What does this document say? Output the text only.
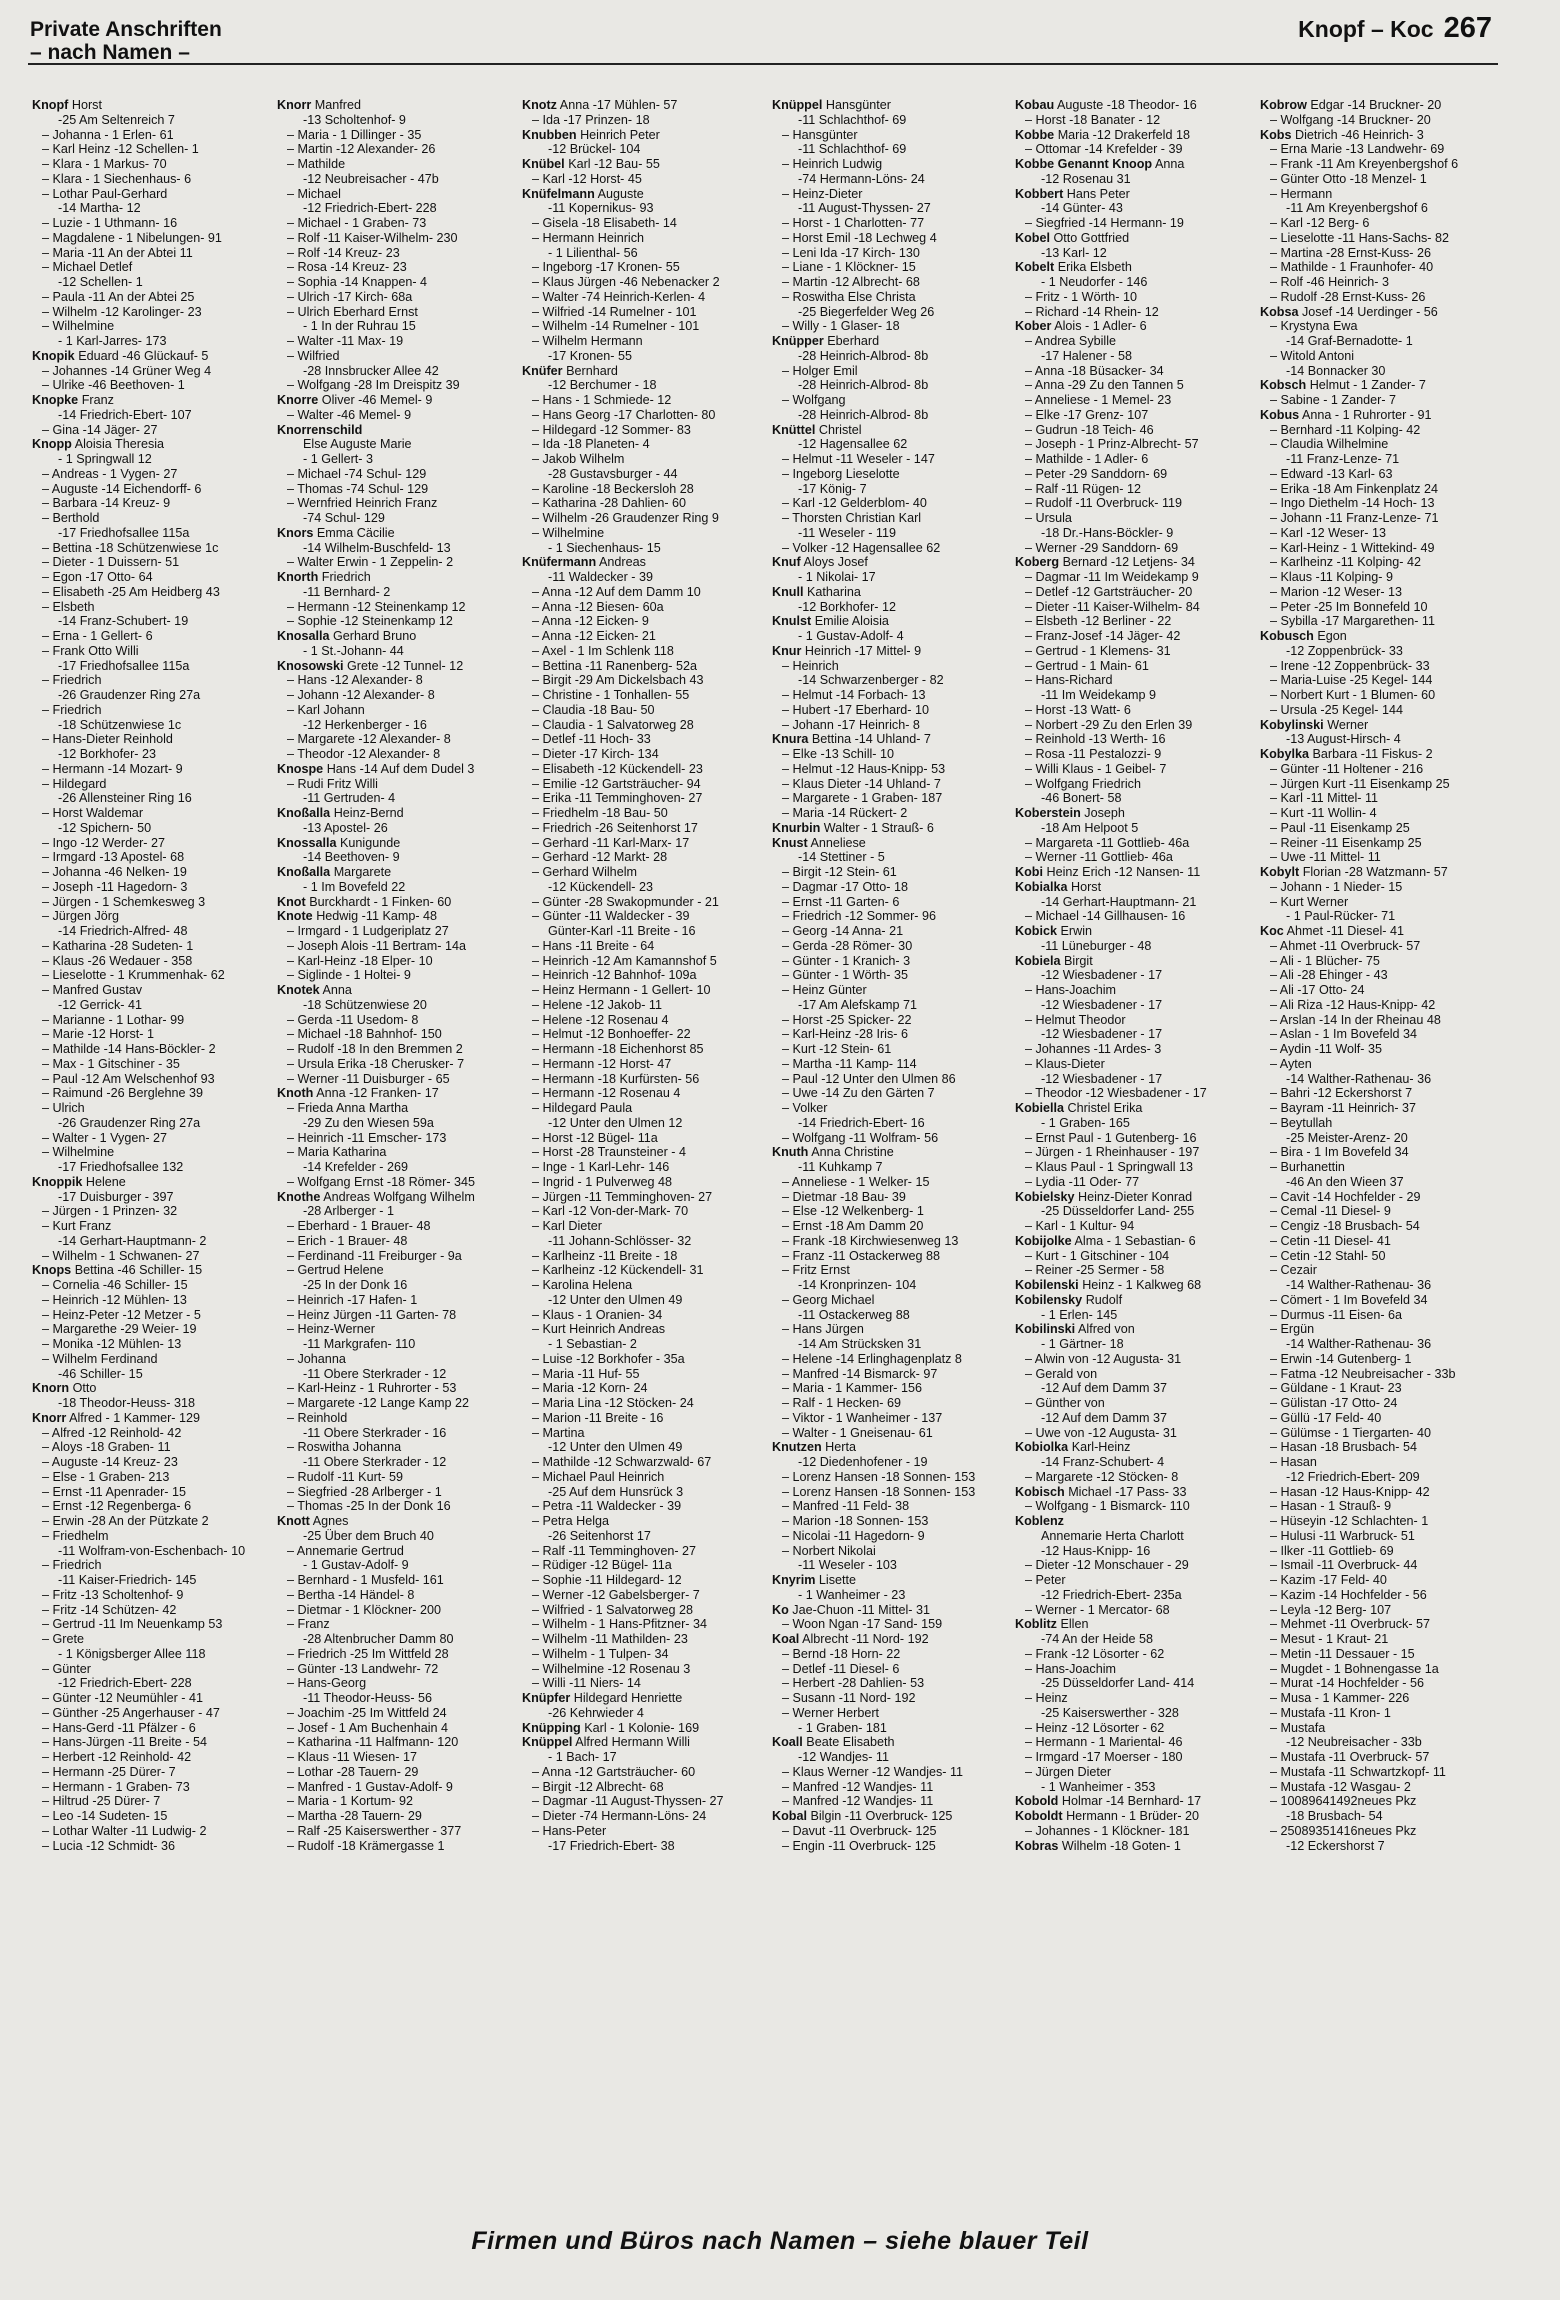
Private Anschriften
– nach Namen –
Knopf – Koc 267
Knopf Horst
-25 Am Seltenreich 7
– Johanna - 1 Erlen- 61
– Karl Heinz -12 Schellen- 1
– Klara - 1 Markus- 70
– Klara - 1 Siechenhaus- 6
– Lothar Paul-Gerhard
-14 Martha- 12
– Luzie - 1 Uthmann- 16
– Magdalene - 1 Nibelungen- 91
– Maria -11 An der Abtei 11
– Michael Detlef
-12 Schellen- 1
– Paula -11 An der Abtei 25
– Wilhelm -12 Karolinger- 23
– Wilhelmine
- 1 Karl-Jarres- 173
Knopik Eduard -46 Glückauf- 5
– Johannes -14 Grüner Weg 4
– Ulrike -46 Beethoven- 1
Knopke Franz
-14 Friedrich-Ebert- 107
– Gina -14 Jäger- 27
Knopp Aloisia Theresia
- 1 Springwall 12
– Andreas - 1 Vygen- 27
– Auguste -14 Eichendorff- 6
– Barbara -14 Kreuz- 9
– Berthold
-17 Friedhofsallee 115a
– Bettina -18 Schützenwiese 1c
– Dieter - 1 Duissern- 51
– Egon -17 Otto- 64
– Elisabeth -25 Am Heidberg 43
– Elsbeth
-14 Franz-Schubert- 19
– Erna - 1 Gellert- 6
– Frank Otto Willi
-17 Friedhofsallee 115a
– Friedrich
-26 Graudenzer Ring 27a
– Friedrich
-18 Schützenwiese 1c
– Hans-Dieter Reinhold
-12 Borkhofer- 23
– Hermann -14 Mozart- 9
– Hildegard
-26 Allensteiner Ring 16
– Horst Waldemar
-12 Spichern- 50
– Ingo -12 Werder- 27
– Irmgard -13 Apostel- 68
– Johanna -46 Nelken- 19
– Joseph -11 Hagedorn- 3
– Jürgen - 1 Schemkesweg 3
– Jürgen Jörg
-14 Friedrich-Alfred- 48
– Katharina -28 Sudeten- 1
– Klaus -26 Wedauer - 358
– Lieselotte - 1 Krummenhak- 62
– Manfred Gustav
-12 Gerrick- 41
– Marianne - 1 Lothar- 99
– Marie -12 Horst- 1
– Mathilde -14 Hans-Böckler- 2
– Max - 1 Gitschiner - 35
– Paul -12 Am Welschenhof 93
– Raimund -26 Berglehne 39
– Ulrich
-26 Graudenzer Ring 27a
– Walter - 1 Vygen- 27
– Wilhelmine
-17 Friedhofsallee 132
Knoppik Helene
-17 Duisburger - 397
– Jürgen - 1 Prinzen- 32
– Kurt Franz
-14 Gerhart-Hauptmann- 2
– Wilhelm - 1 Schwanen- 27
Knops Bettina -46 Schiller- 15
– Cornelia -46 Schiller- 15
– Heinrich -12 Mühlen- 13
– Heinz-Peter -12 Metzer - 5
– Margarethe -29 Weier- 19
– Monika -12 Mühlen- 13
– Wilhelm Ferdinand
-46 Schiller- 15
Knorn Otto
-18 Theodor-Heuss- 318
Knorr Alfred - 1 Kammer- 129
– Alfred -12 Reinhold- 42
– Aloys -18 Graben- 11
– Auguste -14 Kreuz- 23
– Else - 1 Graben- 213
– Ernst -11 Apenrader- 15
– Ernst -12 Regenberga- 6
– Erwin -28 An der Pützkate 2
– Friedhelm
-11 Wolfram-von-Eschenbach- 10
– Friedrich
-11 Kaiser-Friedrich- 145
– Fritz -13 Scholtenhof- 9
– Fritz -14 Schützen- 42
– Gertrud -11 Im Neuenkamp 53
– Grete
- 1 Königsberger Allee 118
– Günter
-12 Friedrich-Ebert- 228
– Günter -12 Neumühler - 41
– Günther -25 Angerhauser - 47
– Hans-Gerd -11 Pfälzer - 6
– Hans-Jürgen -11 Breite - 54
– Herbert -12 Reinhold- 42
– Hermann -25 Dürer- 7
– Hermann - 1 Graben- 73
– Hiltrud -25 Dürer- 7
– Leo -14 Sudeten- 15
– Lothar Walter -11 Ludwig- 2
– Lucia -12 Schmidt- 36
Knorr Manfred
-13 Scholtenhof- 9
– Maria - 1 Dillinger - 35
– Martin -12 Alexander- 26
– Mathilde
-12 Neubreisacher - 47b
– Michael
-12 Friedrich-Ebert- 228
– Michael - 1 Graben- 73
– Rolf -11 Kaiser-Wilhelm- 230
– Rolf -14 Kreuz- 23
– Rosa -14 Kreuz- 23
– Sophia -14 Knappen- 4
– Ulrich -17 Kirch- 68a
– Ulrich Eberhard Ernst
- 1 In der Ruhrau 15
– Walter -11 Max- 19
– Wilfried
-28 Innsbrucker Allee 42
– Wolfgang -28 Im Dreispitz 39
Knorre Oliver -46 Memel- 9
– Walter -46 Memel- 9
Knorrenschild
Else Auguste Marie
- 1 Gellert- 3
– Michael -74 Schul- 129
– Thomas -74 Schul- 129
– Wernfried Heinrich Franz
-74 Schul- 129
Knors Emma Cäcilie
-14 Wilhelm-Buschfeld- 13
– Walter Erwin - 1 Zeppelin- 2
Knorth Friedrich
-11 Bernhard- 2
– Hermann -12 Steinenkamp 12
– Sophie -12 Steinenkamp 12
Knosalla Gerhard Bruno
- 1 St.-Johann- 44
Knosowski Grete -12 Tunnel- 12
– Hans -12 Alexander- 8
– Johann -12 Alexander- 8
– Karl Johann
-12 Herkenberger - 16
– Margarete -12 Alexander- 8
– Theodor -12 Alexander- 8
Knospe Hans -14 Auf dem Dudel 3
– Rudi Fritz Willi
-11 Gertruden- 4
Knoßalla Heinz-Bernd
-13 Apostel- 26
Knossalla Kunigunde
-14 Beethoven- 9
Knoßalla Margarete
- 1 Im Bovefeld 22
Knot Burckhardt - 1 Finken- 60
Knote Hedwig -11 Kamp- 48
– Irmgard - 1 Ludgeriplatz 27
– Joseph Alois -11 Bertram- 14a
– Karl-Heinz -18 Elper- 10
– Siglinde - 1 Holtei- 9
Knotek Anna
-18 Schützenwiese 20
– Gerda -11 Usedom- 8
– Michael -18 Bahnhof- 150
– Rudolf -18 In den Bremmen 2
– Ursula Erika -18 Cherusker- 7
– Werner -11 Duisburger - 65
Knoth Anna -12 Franken- 17
– Frieda Anna Martha
-29 Zu den Wiesen 59a
– Heinrich -11 Emscher- 173
– Maria Katharina
-14 Krefelder - 269
– Wolfgang Ernst -18 Römer- 345
Knothe Andreas Wolfgang Wilhelm
-28 Arlberger - 1
– Eberhard - 1 Brauer- 48
– Erich - 1 Brauer- 48
– Ferdinand -11 Freiburger - 9a
– Gertrud Helene
-25 In der Donk 16
– Heinrich -17 Hafen- 1
– Heinz Jürgen -11 Garten- 78
– Heinz-Werner
-11 Markgrafen- 110
– Johanna
-11 Obere Sterkrader - 12
– Karl-Heinz - 1 Ruhrorter - 53
– Margarete -12 Lange Kamp 22
– Reinhold
-11 Obere Sterkrader - 16
– Roswitha Johanna
-11 Obere Sterkrader - 12
– Rudolf -11 Kurt- 59
– Siegfried -28 Arlberger - 1
– Thomas -25 In der Donk 16
Knott Agnes
-25 Über dem Bruch 40
– Annemarie Gertrud
- 1 Gustav-Adolf- 9
– Bernhard - 1 Musfeld- 161
– Bertha -14 Händel- 8
– Dietmar - 1 Klöckner- 200
– Franz
-28 Altenbrucher Damm 80
– Friedrich -25 Im Wittfeld 28
– Günter -13 Landwehr- 72
– Hans-Georg
-11 Theodor-Heuss- 56
– Joachim -25 Im Wittfeld 24
– Josef - 1 Am Buchenhain 4
– Katharina -11 Halfmann- 120
– Klaus -11 Wiesen- 17
– Lothar -28 Tauern- 29
– Manfred - 1 Gustav-Adolf- 9
– Maria - 1 Kortum- 92
– Martha -28 Tauern- 29
– Ralf -25 Kaiserswerther - 377
– Rudolf -18 Krämergasse 1
Knotz Anna -17 Mühlen- 57
– Ida -17 Prinzen- 18
Knubben Heinrich Peter
-12 Brückel- 104
Knübel Karl -12 Bau- 55
– Karl -12 Horst- 45
Knüfelmann Auguste
-11 Kopernikus- 93
– Gisela -18 Elisabeth- 14
– Hermann Heinrich
- 1 Lilienthal- 56
– Ingeborg -17 Kronen- 55
– Klaus Jürgen -46 Nebenacker 2
– Walter -74 Heinrich-Kerlen- 4
– Wilfried -14 Rumelner - 101
– Wilhelm -14 Rumelner - 101
– Wilhelm Hermann
-17 Kronen- 55
Knüfer Bernhard
-12 Berchumer - 18
– Hans - 1 Schmiede- 12
– Hans Georg -17 Charlotten- 80
– Hildegard -12 Sommer- 83
– Ida -18 Planeten- 4
– Jakob Wilhelm
-28 Gustavsburger - 44
– Karoline -18 Beckersloh 28
– Katharina -28 Dahlien- 60
– Wilhelm -26 Graudenzer Ring 9
– Wilhelmine
- 1 Siechenhaus- 15
Knüfermann Andreas
-11 Waldecker - 39
– Anna -12 Auf dem Damm 10
– Anna -12 Biesen- 60a
– Anna -12 Eicken- 9
– Anna -12 Eicken- 21
– Axel - 1 Im Schlenk 118
– Bettina -11 Ranenberg- 52a
– Birgit -29 Am Dickelsbach 43
– Christine - 1 Tonhallen- 55
– Claudia -18 Bau- 50
– Claudia - 1 Salvatorweg 28
– Detlef -11 Hoch- 33
– Dieter -17 Kirch- 134
– Elisabeth -12 Kückendell- 23
– Emilie -12 Gartsträucher- 94
– Erika -11 Temminghoven- 27
– Friedhelm -18 Bau- 50
– Friedrich -26 Seitenhorst 17
– Gerhard -11 Karl-Marx- 17
– Gerhard -12 Markt- 28
– Gerhard Wilhelm
-12 Kückendell- 23
– Günter -28 Swakopmunder - 21
– Günter -11 Waldecker - 39
Günter-Karl -11 Breite - 16
– Hans -11 Breite - 64
– Heinrich -12 Am Kamannshof 5
– Heinrich -12 Bahnhof- 109a
– Heinz Hermann - 1 Gellert- 10
– Helene -12 Jakob- 11
– Helene -12 Rosenau 4
– Helmut -12 Bonhoeffer- 22
– Hermann -18 Eichenhorst 85
– Hermann -12 Horst- 47
– Hermann -18 Kurfürsten- 56
– Hermann -12 Rosenau 4
– Hildegard Paula
-12 Unter den Ulmen 12
– Horst -12 Bügel- 11a
– Horst -28 Traunsteiner - 4
– Inge - 1 Karl-Lehr- 146
– Ingrid - 1 Pulverweg 48
– Jürgen -11 Temminghoven- 27
– Karl -12 Von-der-Mark- 70
– Karl Dieter
-11 Johann-Schlösser- 32
– Karlheinz -11 Breite - 18
– Karlheinz -12 Kückendell- 31
– Karolina Helena
-12 Unter den Ulmen 49
– Klaus - 1 Oranien- 34
– Kurt Heinrich Andreas
- 1 Sebastian- 2
– Luise -12 Borkhofer - 35a
– Maria -11 Huf- 55
– Maria -12 Korn- 24
– Maria Lina -12 Stöcken- 24
– Marion -11 Breite - 16
– Martina
-12 Unter den Ulmen 49
– Mathilde -12 Schwarzwald- 67
– Michael Paul Heinrich
-25 Auf dem Hunsrück 3
– Petra -11 Waldecker - 39
– Petra Helga
-26 Seitenhorst 17
– Ralf -11 Temminghoven- 27
– Rüdiger -12 Bügel- 11a
– Sophie -11 Hildegard- 12
– Werner -12 Gabelsberger- 7
– Wilfried - 1 Salvatorweg 28
– Wilhelm - 1 Hans-Pfitzner- 34
– Wilhelm -11 Mathilden- 23
– Wilhelm - 1 Tulpen- 34
– Wilhelmine -12 Rosenau 3
– Willi -11 Niers- 14
Knüpfer Hildegard Henriette
-26 Kehrwieder 4
Knüpping Karl - 1 Kolonie- 169
Knüppel Alfred Hermann Willi
- 1 Bach- 17
– Anna -12 Gartsträucher- 60
– Birgit -12 Albrecht- 68
– Dagmar -11 August-Thyssen- 27
– Dieter -74 Hermann-Löns- 24
– Hans-Peter
-17 Friedrich-Ebert- 38
Knüppel Hansgünter
-11 Schlachthof- 69
– Hansgünter
-11 Schlachthof- 69
– Heinrich Ludwig
-74 Hermann-Löns- 24
– Heinz-Dieter
-11 August-Thyssen- 27
– Horst - 1 Charlotten- 77
– Horst Emil -18 Lechweg 4
– Leni Ida -17 Kirch- 130
– Liane - 1 Klöckner- 15
– Martin -12 Albrecht- 68
– Roswitha Else Christa
-25 Biegerfelder Weg 26
– Willy - 1 Glaser- 18
Knüpper Eberhard
-28 Heinrich-Albrod- 8b
– Holger Emil
-28 Heinrich-Albrod- 8b
– Wolfgang
-28 Heinrich-Albrod- 8b
Knüttel Christel
-12 Hagensallee 62
– Helmut -11 Weseler - 147
– Ingeborg Lieselotte
-17 König- 7
– Karl -12 Gelderblom- 40
– Thorsten Christian Karl
-11 Weseler - 119
– Volker -12 Hagensallee 62
Knuf Aloys Josef
- 1 Nikolai- 17
Knull Katharina
-12 Borkhofer- 12
Knulst Emilie Aloisia
- 1 Gustav-Adolf- 4
Knur Heinrich -17 Mittel- 9
– Heinrich
-14 Schwarzenberger - 82
– Helmut -14 Forbach- 13
– Hubert -17 Eberhard- 10
– Johann -17 Heinrich- 8
Knura Bettina -14 Uhland- 7
– Elke -13 Schill- 10
– Helmut -12 Haus-Knipp- 53
– Klaus Dieter -14 Uhland- 7
– Margarete - 1 Graben- 187
– Maria -14 Rückert- 2
Knurbin Walter - 1 Strauß- 6
Knust Anneliese
-14 Stettiner - 5
– Birgit -12 Stein- 61
– Dagmar -17 Otto- 18
– Ernst -11 Garten- 6
– Friedrich -12 Sommer- 96
– Georg -14 Anna- 21
– Gerda -28 Römer- 30
– Günter - 1 Kranich- 3
– Günter - 1 Wörth- 35
– Heinz Günter
-17 Am Alefskamp 71
– Horst -25 Spicker- 22
– Karl-Heinz -28 Iris- 6
– Kurt -12 Stein- 61
– Martha -11 Kamp- 114
– Paul -12 Unter den Ulmen 86
– Uwe -14 Zu den Gärten 7
– Volker
-14 Friedrich-Ebert- 16
– Wolfgang -11 Wolfram- 56
Knuth Anna Christine
-11 Kuhkamp 7
– Anneliese - 1 Welker- 15
– Dietmar -18 Bau- 39
– Else -12 Welkenberg- 1
– Ernst -18 Am Damm 20
– Frank -18 Kirchwiesenweg 13
– Franz -11 Ostackerweg 88
– Fritz Ernst
-14 Kronprinzen- 104
– Georg Michael
-11 Ostackerweg 88
– Hans Jürgen
-14 Am Strücksken 31
– Helene -14 Erlinghagenplatz 8
– Manfred -14 Bismarck- 97
– Maria - 1 Kammer- 156
– Ralf - 1 Hecken- 69
– Viktor - 1 Wanheimer - 137
– Walter - 1 Gneisenau- 61
Knutzen Herta
-12 Diedenhofener - 19
– Lorenz Hansen -18 Sonnen- 153
– Lorenz Hansen -18 Sonnen- 153
– Manfred -11 Feld- 38
– Marion -18 Sonnen- 153
– Nicolai -11 Hagedorn- 9
– Norbert Nikolai
-11 Weseler - 103
Knyrim Lisette
- 1 Wanheimer - 23
Ko Jae-Chuon -11 Mittel- 31
– Woon Ngan -17 Sand- 159
Koal Albrecht -11 Nord- 192
– Bernd -18 Horn- 22
– Detlef -11 Diesel- 6
– Herbert -28 Dahlien- 53
– Susann -11 Nord- 192
– Werner Herbert
- 1 Graben- 181
Koall Beate Elisabeth
-12 Wandjes- 11
– Klaus Werner -12 Wandjes- 11
– Manfred -12 Wandjes- 11
– Manfred -12 Wandjes- 11
Kobal Bilgin -11 Overbruck- 125
– Davut -11 Overbruck- 125
– Engin -11 Overbruck- 125
Kobau Auguste -18 Theodor- 16
– Horst -18 Banater - 12
Kobbe Maria -12 Drakerfeld 18
– Ottomar -14 Krefelder - 39
Kobbe Genannt Knoop Anna
-12 Rosenau 31
Kobbert Hans Peter
-14 Günter- 43
– Siegfried -14 Hermann- 19
Kobel Otto Gottfried
-13 Karl- 12
Kobelt Erika Elsbeth
- 1 Neudorfer - 146
– Fritz - 1 Wörth- 10
– Richard -14 Rhein- 12
Kober Alois - 1 Adler- 6
– Andrea Sybille
-17 Halener - 58
– Anna -18 Büsacker- 34
– Anna -29 Zu den Tannen 5
– Anneliese - 1 Memel- 23
– Elke -17 Grenz- 107
– Gudrun -18 Teich- 46
– Joseph - 1 Prinz-Albrecht- 57
– Mathilde - 1 Adler- 6
– Peter -29 Sanddorn- 69
– Ralf -11 Rügen- 12
– Rudolf -11 Overbruck- 119
– Ursula
-18 Dr.-Hans-Böckler- 9
– Werner -29 Sanddorn- 69
Koberg Bernard -12 Letjens- 34
– Dagmar -11 Im Weidekamp 9
– Detlef -12 Gartsträucher- 20
– Dieter -11 Kaiser-Wilhelm- 84
– Elsbeth -12 Berliner - 22
– Franz-Josef -14 Jäger- 42
– Gertrud - 1 Klemens- 31
– Gertrud - 1 Main- 61
– Hans-Richard
-11 Im Weidekamp 9
– Horst -13 Watt- 6
– Norbert -29 Zu den Erlen 39
– Reinhold -13 Werth- 16
– Rosa -11 Pestalozzi- 9
– Willi Klaus - 1 Geibel- 7
– Wolfgang Friedrich
-46 Bonert- 58
Koberstein Joseph
-18 Am Helpoot 5
– Margareta -11 Gottlieb- 46a
– Werner -11 Gottlieb- 46a
Kobi Heinz Erich -12 Nansen- 11
Kobialka Horst
-14 Gerhart-Hauptmann- 21
– Michael -14 Gillhausen- 16
Kobick Erwin
-11 Lüneburger - 48
Kobiela Birgit
-12 Wiesbadener - 17
– Hans-Joachim
-12 Wiesbadener - 17
– Helmut Theodor
-12 Wiesbadener - 17
– Johannes -11 Ardes- 3
– Klaus-Dieter
-12 Wiesbadener - 17
– Theodor -12 Wiesbadener - 17
Kobiella Christel Erika
- 1 Graben- 165
– Ernst Paul - 1 Gutenberg- 16
– Jürgen - 1 Rheinhauser - 197
– Klaus Paul - 1 Springwall 13
– Lydia -11 Oder- 77
Kobielsky Heinz-Dieter Konrad
-25 Düsseldorfer Land- 255
– Karl - 1 Kultur- 94
Kobijolke Alma - 1 Sebastian- 6
– Kurt - 1 Gitschiner - 104
– Reiner -25 Sermer - 58
Kobilenski Heinz - 1 Kalkweg 68
Kobilensky Rudolf
- 1 Erlen- 145
Kobilinski Alfred von
- 1 Gärtner- 18
– Alwin von -12 Augusta- 31
– Gerald von
-12 Auf dem Damm 37
– Günther von
-12 Auf dem Damm 37
– Uwe von -12 Augusta- 31
Kobiolka Karl-Heinz
-14 Franz-Schubert- 4
– Margarete -12 Stöcken- 8
Kobisch Michael -17 Pass- 33
– Wolfgang - 1 Bismarck- 110
Koblenz
Annemarie Herta Charlott
-12 Haus-Knipp- 16
– Dieter -12 Monschauer - 29
– Peter
-12 Friedrich-Ebert- 235a
– Werner - 1 Mercator- 68
Koblitz Ellen
-74 An der Heide 58
– Frank -12 Lösorter - 62
– Hans-Joachim
-25 Düsseldorfer Land- 414
– Heinz
-25 Kaiserswerther - 328
– Heinz -12 Lösorter - 62
– Hermann - 1 Mariental- 46
– Irmgard -17 Moerser - 180
– Jürgen Dieter
- 1 Wanheimer - 353
Kobold Holmar -14 Bernhard- 17
Koboldt Hermann - 1 Brüder- 20
– Johannes - 1 Klöckner- 181
Kobras Wilhelm -18 Goten- 1
Kobrow Edgar -14 Bruckner- 20
– Wolfgang -14 Bruckner- 20
Kobs Dietrich -46 Heinrich- 3
– Erna Marie -13 Landwehr- 69
– Frank -11 Am Kreyenbergshof 6
– Günter Otto -18 Menzel- 1
– Hermann
-11 Am Kreyenbergshof 6
– Karl -12 Berg- 6
– Lieselotte -11 Hans-Sachs- 82
– Martina -28 Ernst-Kuss- 26
– Mathilde - 1 Fraunhofer- 40
– Rolf -46 Heinrich- 3
– Rudolf -28 Ernst-Kuss- 26
Kobsa Josef -14 Uerdinger - 56
– Krystyna Ewa
-14 Graf-Bernadotte- 1
– Witold Antoni
-14 Bonnacker 30
Kobsch Helmut - 1 Zander- 7
– Sabine - 1 Zander- 7
Kobus Anna - 1 Ruhrorter - 91
– Bernhard -11 Kolping- 42
– Claudia Wilhelmine
-11 Franz-Lenze- 71
– Edward -13 Karl- 63
– Erika -18 Am Finkenplatz 24
– Ingo Diethelm -14 Hoch- 13
– Johann -11 Franz-Lenze- 71
– Karl -12 Weser- 13
– Karl-Heinz - 1 Wittekind- 49
– Karlheinz -11 Kolping- 42
– Klaus -11 Kolping- 9
– Marion -12 Weser- 13
– Peter -25 Im Bonnefeld 10
– Sybilla -17 Margarethen- 11
Kobusch Egon
-12 Zoppenbrück- 33
– Irene -12 Zoppenbrück- 33
– Maria-Luise -25 Kegel- 144
– Norbert Kurt - 1 Blumen- 60
– Ursula -25 Kegel- 144
Kobylinski Werner
-13 August-Hirsch- 4
Kobylka Barbara -11 Fiskus- 2
– Günter -11 Holtener - 216
– Jürgen Kurt -11 Eisenkamp 25
– Karl -11 Mittel- 11
– Kurt -11 Wollin- 4
– Paul -11 Eisenkamp 25
– Reiner -11 Eisenkamp 25
– Uwe -11 Mittel- 11
Kobylt Florian -28 Watzmann- 57
– Johann - 1 Nieder- 15
– Kurt Werner
- 1 Paul-Rücker- 71
Koc Ahmet -11 Diesel- 41
– Ahmet -11 Overbruck- 57
– Ali - 1 Blücher- 75
– Ali -28 Ehinger - 43
– Ali -17 Otto- 24
– Ali Riza -12 Haus-Knipp- 42
– Arslan -14 In der Rheinau 48
– Aslan - 1 Im Bovefeld 34
– Aydin -11 Wolf- 35
– Ayten
-14 Walther-Rathenau- 36
– Bahri -12 Eckershorst 7
– Bayram -11 Heinrich- 37
– Beytullah
-25 Meister-Arenz- 20
– Bira - 1 Im Bovefeld 34
– Burhanettin
-46 An den Wieen 37
– Cavit -14 Hochfelder - 29
– Cemal -11 Diesel- 9
– Cengiz -18 Brusbach- 54
– Cetin -11 Diesel- 41
– Cetin -12 Stahl- 50
– Cezair
-14 Walther-Rathenau- 36
– Cömert - 1 Im Bovefeld 34
– Durmus -11 Eisen- 6a
– Ergün
-14 Walther-Rathenau- 36
– Erwin -14 Gutenberg- 1
– Fatma -12 Neubreisacher - 33b
– Güldane - 1 Kraut- 23
– Gülistan -17 Otto- 24
– Güllü -17 Feld- 40
– Gülümse - 1 Tiergarten- 40
– Hasan -18 Brusbach- 54
– Hasan
-12 Friedrich-Ebert- 209
– Hasan -12 Haus-Knipp- 42
– Hasan - 1 Strauß- 9
– Hüseyin -12 Schlachten- 1
– Hulusi -11 Warbruck- 51
– Ilker -11 Gottlieb- 69
– Ismail -11 Overbruck- 44
– Kazim -17 Feld- 40
– Kazim -14 Hochfelder - 56
– Leyla -12 Berg- 107
– Mehmet -11 Overbruck- 57
– Mesut - 1 Kraut- 21
– Metin -11 Dessauer - 15
– Mugdet - 1 Bohnengasse 1a
– Murat -14 Hochfelder - 56
– Musa - 1 Kammer- 226
– Mustafa -11 Kron- 1
– Mustafa
-12 Neubreisacher - 33b
– Mustafa -11 Overbruck- 57
– Mustafa -11 Schwartzkopf- 11
– Mustafa -12 Wasgau- 2
– 10089641492neues Pkz
-18 Brusbach- 54
– 25089351416neues Pkz
-12 Eckershorst 7
Firmen und Büros nach Namen – siehe blauer Teil
